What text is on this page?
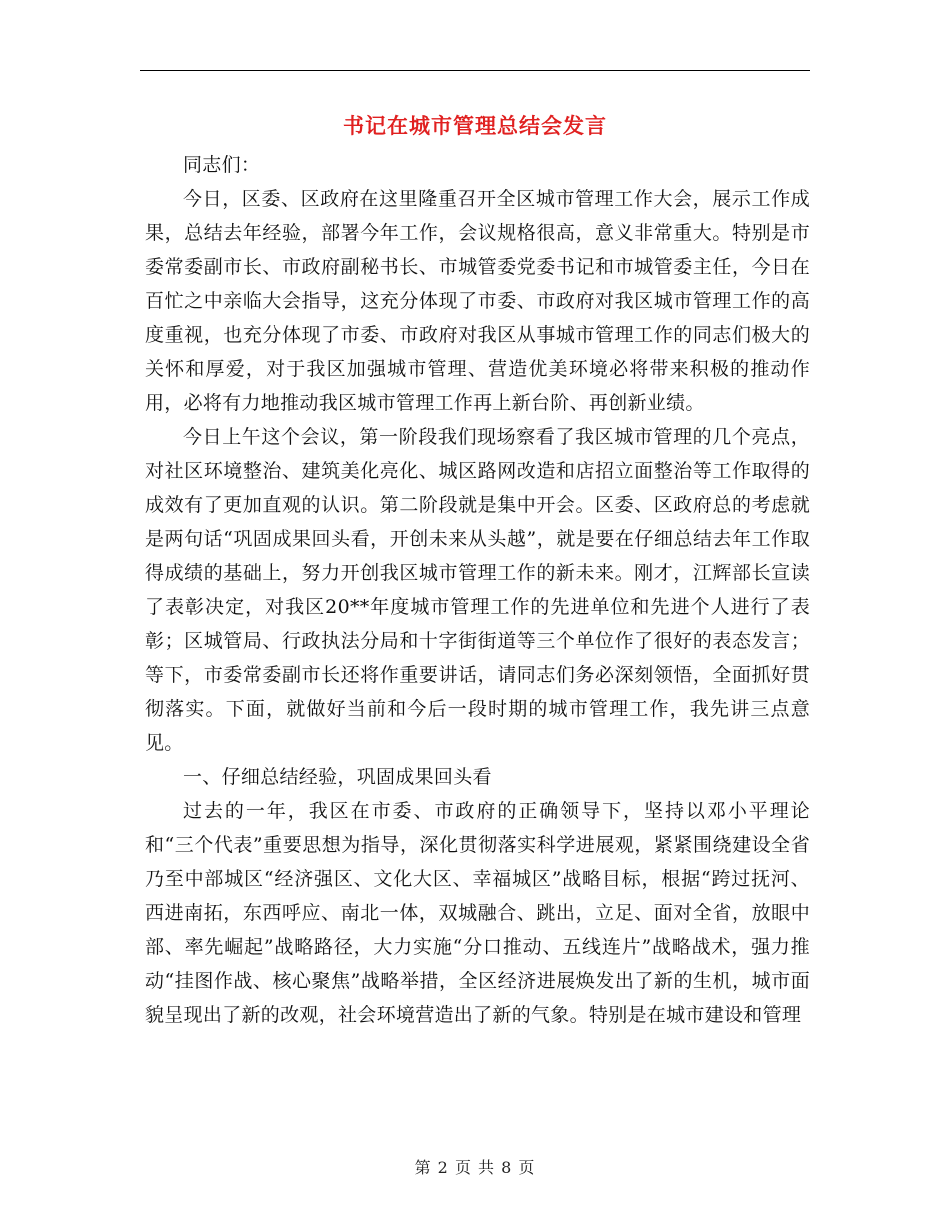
书记在城市管理总结会发言

同志们：

今日，区委、区政府在这里隆重召开全区城市管理工作大会，展示工作成果，总结去年经验，部署今年工作，会议规格很高，意义非常重大。特别是市委常委副市长、市政府副秘书长、市城管委党委书记和市城管委主任，今日在百忙之中亲临大会指导，这充分体现了市委、市政府对我区城市管理工作的高度重视，也充分体现了市委、市政府对我区从事城市管理工作的同志们极大的关怀和厚爱，对于我区加强城市管理、营造优美环境必将带来积极的推动作用，必将有力地推动我区城市管理工作再上新台阶、再创新业绩。

今日上午这个会议，第一阶段我们现场察看了我区城市管理的几个亮点，对社区环境整治、建筑美化亮化、城区路网改造和店招立面整治等工作取得的成效有了更加直观的认识。第二阶段就是集中开会。区委、区政府总的考虑就是两句话“巩固成果回头看，开创未来从头越”，就是要在仔细总结去年工作取得成绩的基础上，努力开创我区城市管理工作的新未来。刚才，江辉部长宣读了表彰决定，对我区20**年度城市管理工作的先进单位和先进个人进行了表彰；区城管局、行政执法分局和十字街街道等三个单位作了很好的表态发言；等下，市委常委副市长还将作重要讲话，请同志们务必深刻领悟，全面抓好贯彻落实。下面，就做好当前和今后一段时期的城市管理工作，我先讲三点意见。

一、仔细总结经验，巩固成果回头看

过去的一年，我区在市委、市政府的正确领导下，坚持以邓小平理论和“三个代表”重要思想为指导，深化贯彻落实科学进展观，紧紧围绕建设全省乃至中部城区“经济强区、文化大区、幸福城区”战略目标，根据“跨过抚河、西进南拓，东西呼应、南北一体，双城融合、跳出，立足、面对全省，放眼中部、率先崛起”战略路径，大力实施“分口推动、五线连片”战略战术，强力推动“挂图作战、核心聚焦”战略举措，全区经济进展焕发出了新的生机，城市面貌呈现出了新的改观，社会环境营造出了新的气象。特别是在城市建设和管理

第 2 页 共 8 页
